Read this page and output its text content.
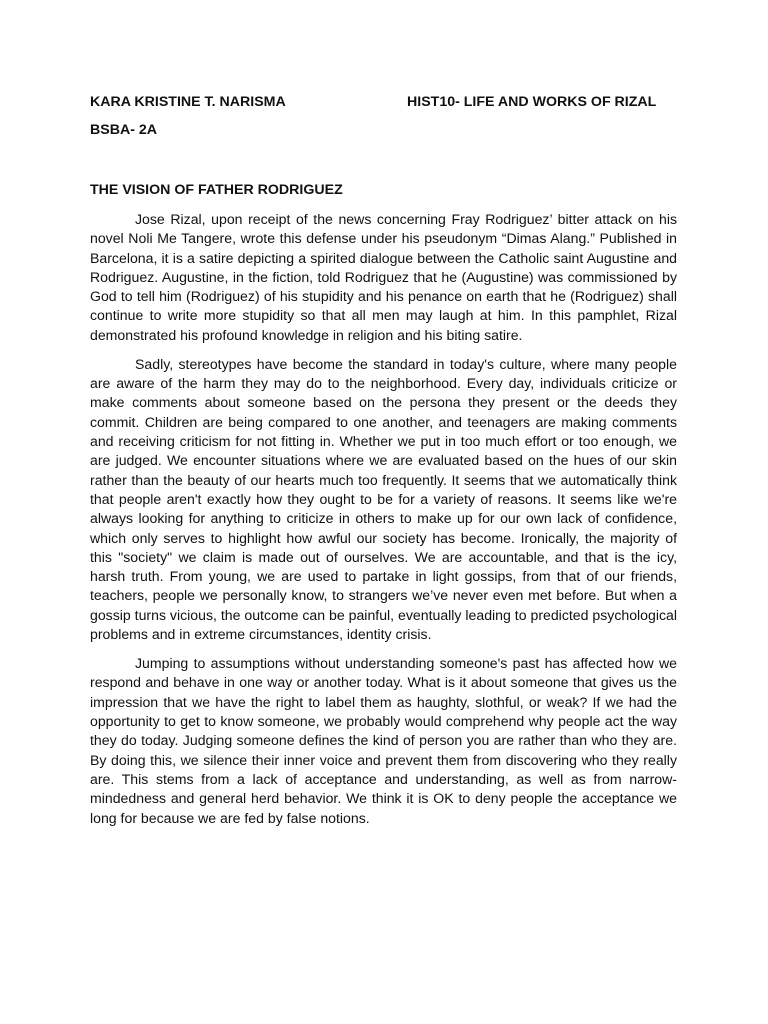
KARA KRISTINE T. NARISMA	HIST10- LIFE AND WORKS OF RIZAL
BSBA- 2A
THE VISION OF FATHER RODRIGUEZ

Jose Rizal, upon receipt of the news concerning Fray Rodriguez’ bitter attack on his novel Noli Me Tangere, wrote this defense under his pseudonym “Dimas Alang.” Published in Barcelona, it is a satire depicting a spirited dialogue between the Catholic saint Augustine and Rodriguez. Augustine, in the fiction, told Rodriguez that he (Augustine) was commissioned by God to tell him (Rodriguez) of his stupidity and his penance on earth that he (Rodriguez) shall continue to write more stupidity so that all men may laugh at him. In this pamphlet, Rizal demonstrated his profound knowledge in religion and his biting satire.

Sadly, stereotypes have become the standard in today's culture, where many people are aware of the harm they may do to the neighborhood. Every day, individuals criticize or make comments about someone based on the persona they present or the deeds they commit. Children are being compared to one another, and teenagers are making comments and receiving criticism for not fitting in. Whether we put in too much effort or too enough, we are judged. We encounter situations where we are evaluated based on the hues of our skin rather than the beauty of our hearts much too frequently. It seems that we automatically think that people aren't exactly how they ought to be for a variety of reasons. It seems like we're always looking for anything to criticize in others to make up for our own lack of confidence, which only serves to highlight how awful our society has become. Ironically, the majority of this "society" we claim is made out of ourselves. We are accountable, and that is the icy, harsh truth. From young, we are used to partake in light gossips, from that of our friends, teachers, people we personally know, to strangers we’ve never even met before. But when a gossip turns vicious, the outcome can be painful, eventually leading to predicted psychological problems and in extreme circumstances, identity crisis.

Jumping to assumptions without understanding someone's past has affected how we respond and behave in one way or another today. What is it about someone that gives us the impression that we have the right to label them as haughty, slothful, or weak? If we had the opportunity to get to know someone, we probably would comprehend why people act the way they do today. Judging someone defines the kind of person you are rather than who they are. By doing this, we silence their inner voice and prevent them from discovering who they really are. This stems from a lack of acceptance and understanding, as well as from narrow-mindedness and general herd behavior. We think it is OK to deny people the acceptance we long for because we are fed by false notions.
